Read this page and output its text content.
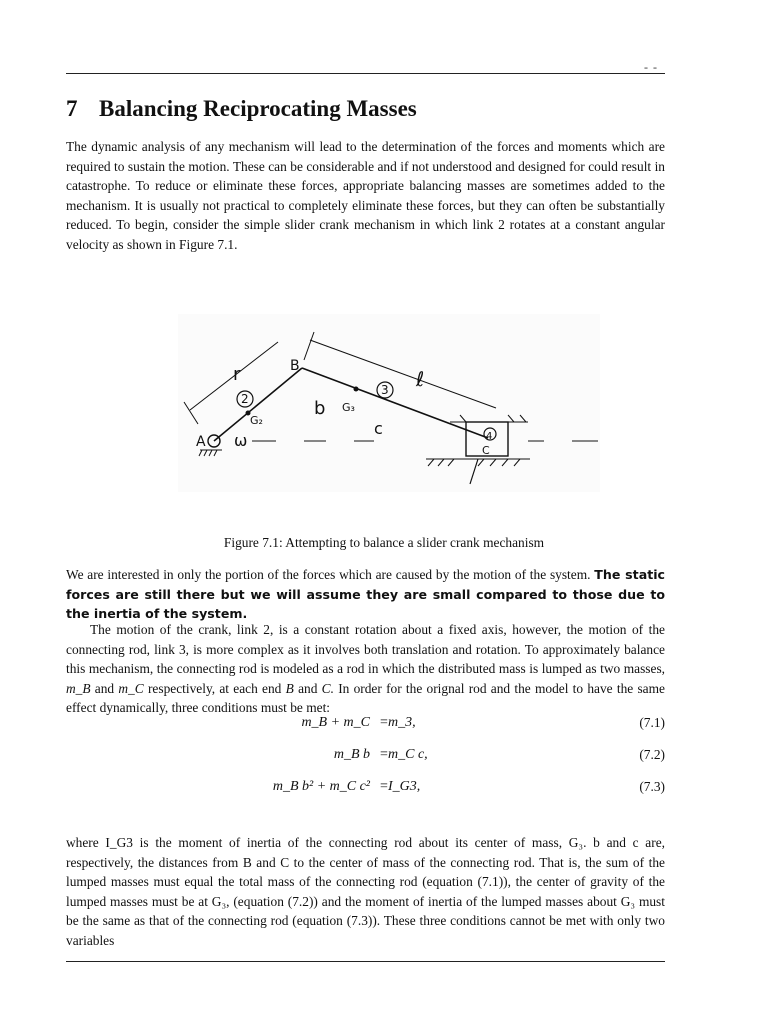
- -
7 Balancing Reciprocating Masses

The dynamic analysis of any mechanism will lead to the determination of the forces and moments which are required to sustain the motion. These can be considerable and if not understood and designed for could result in catastrophe. To reduce or eliminate these forces, appropriate balancing masses are sometimes added to the mechanism. It is usually not practical to completely eliminate these forces, but they can often be substantially reduced. To begin, consider the simple slider crank mechanism in which link 2 rotates at a constant angular velocity as shown in Figure 7.1.

r	B
ℓ
b
c
G₂
G₃
A
C
ω
2
3
4

Figure 7.1: Attempting to balance a slider crank mechanism

We are interested in only the portion of the forces which are caused by the motion of the system. The static forces are still there but we will assume they are small compared to those due to the inertia of the system.

The motion of the crank, link 2, is a constant rotation about a fixed axis, however, the motion of the connecting rod, link 3, is more complex as it involves both translation and rotation. To approximately balance this mechanism, the connecting rod is modeled as a rod in which the distributed mass is lumped as two masses, m_B and m_C respectively, at each end B and C. In order for the orignal rod and the model to have the same effect dynamically, three conditions must be met:

m_B + m_C = m_3,	(7.1)
m_B b = m_C c,	(7.2)
m_B b² + m_C c² = I_G3,	(7.3)

where I_G3 is the moment of inertia of the connecting rod about its center of mass, G₃. b and c are, respectively, the distances from B and C to the center of mass of the connecting rod. That is, the sum of the lumped masses must equal the total mass of the connecting rod (equation (7.1)), the center of gravity of the lumped masses must be at G₃, (equation (7.2)) and the moment of inertia of the lumped masses about G₃ must be the same as that of the connecting rod (equation (7.3)). These three conditions cannot be met with only two variables
